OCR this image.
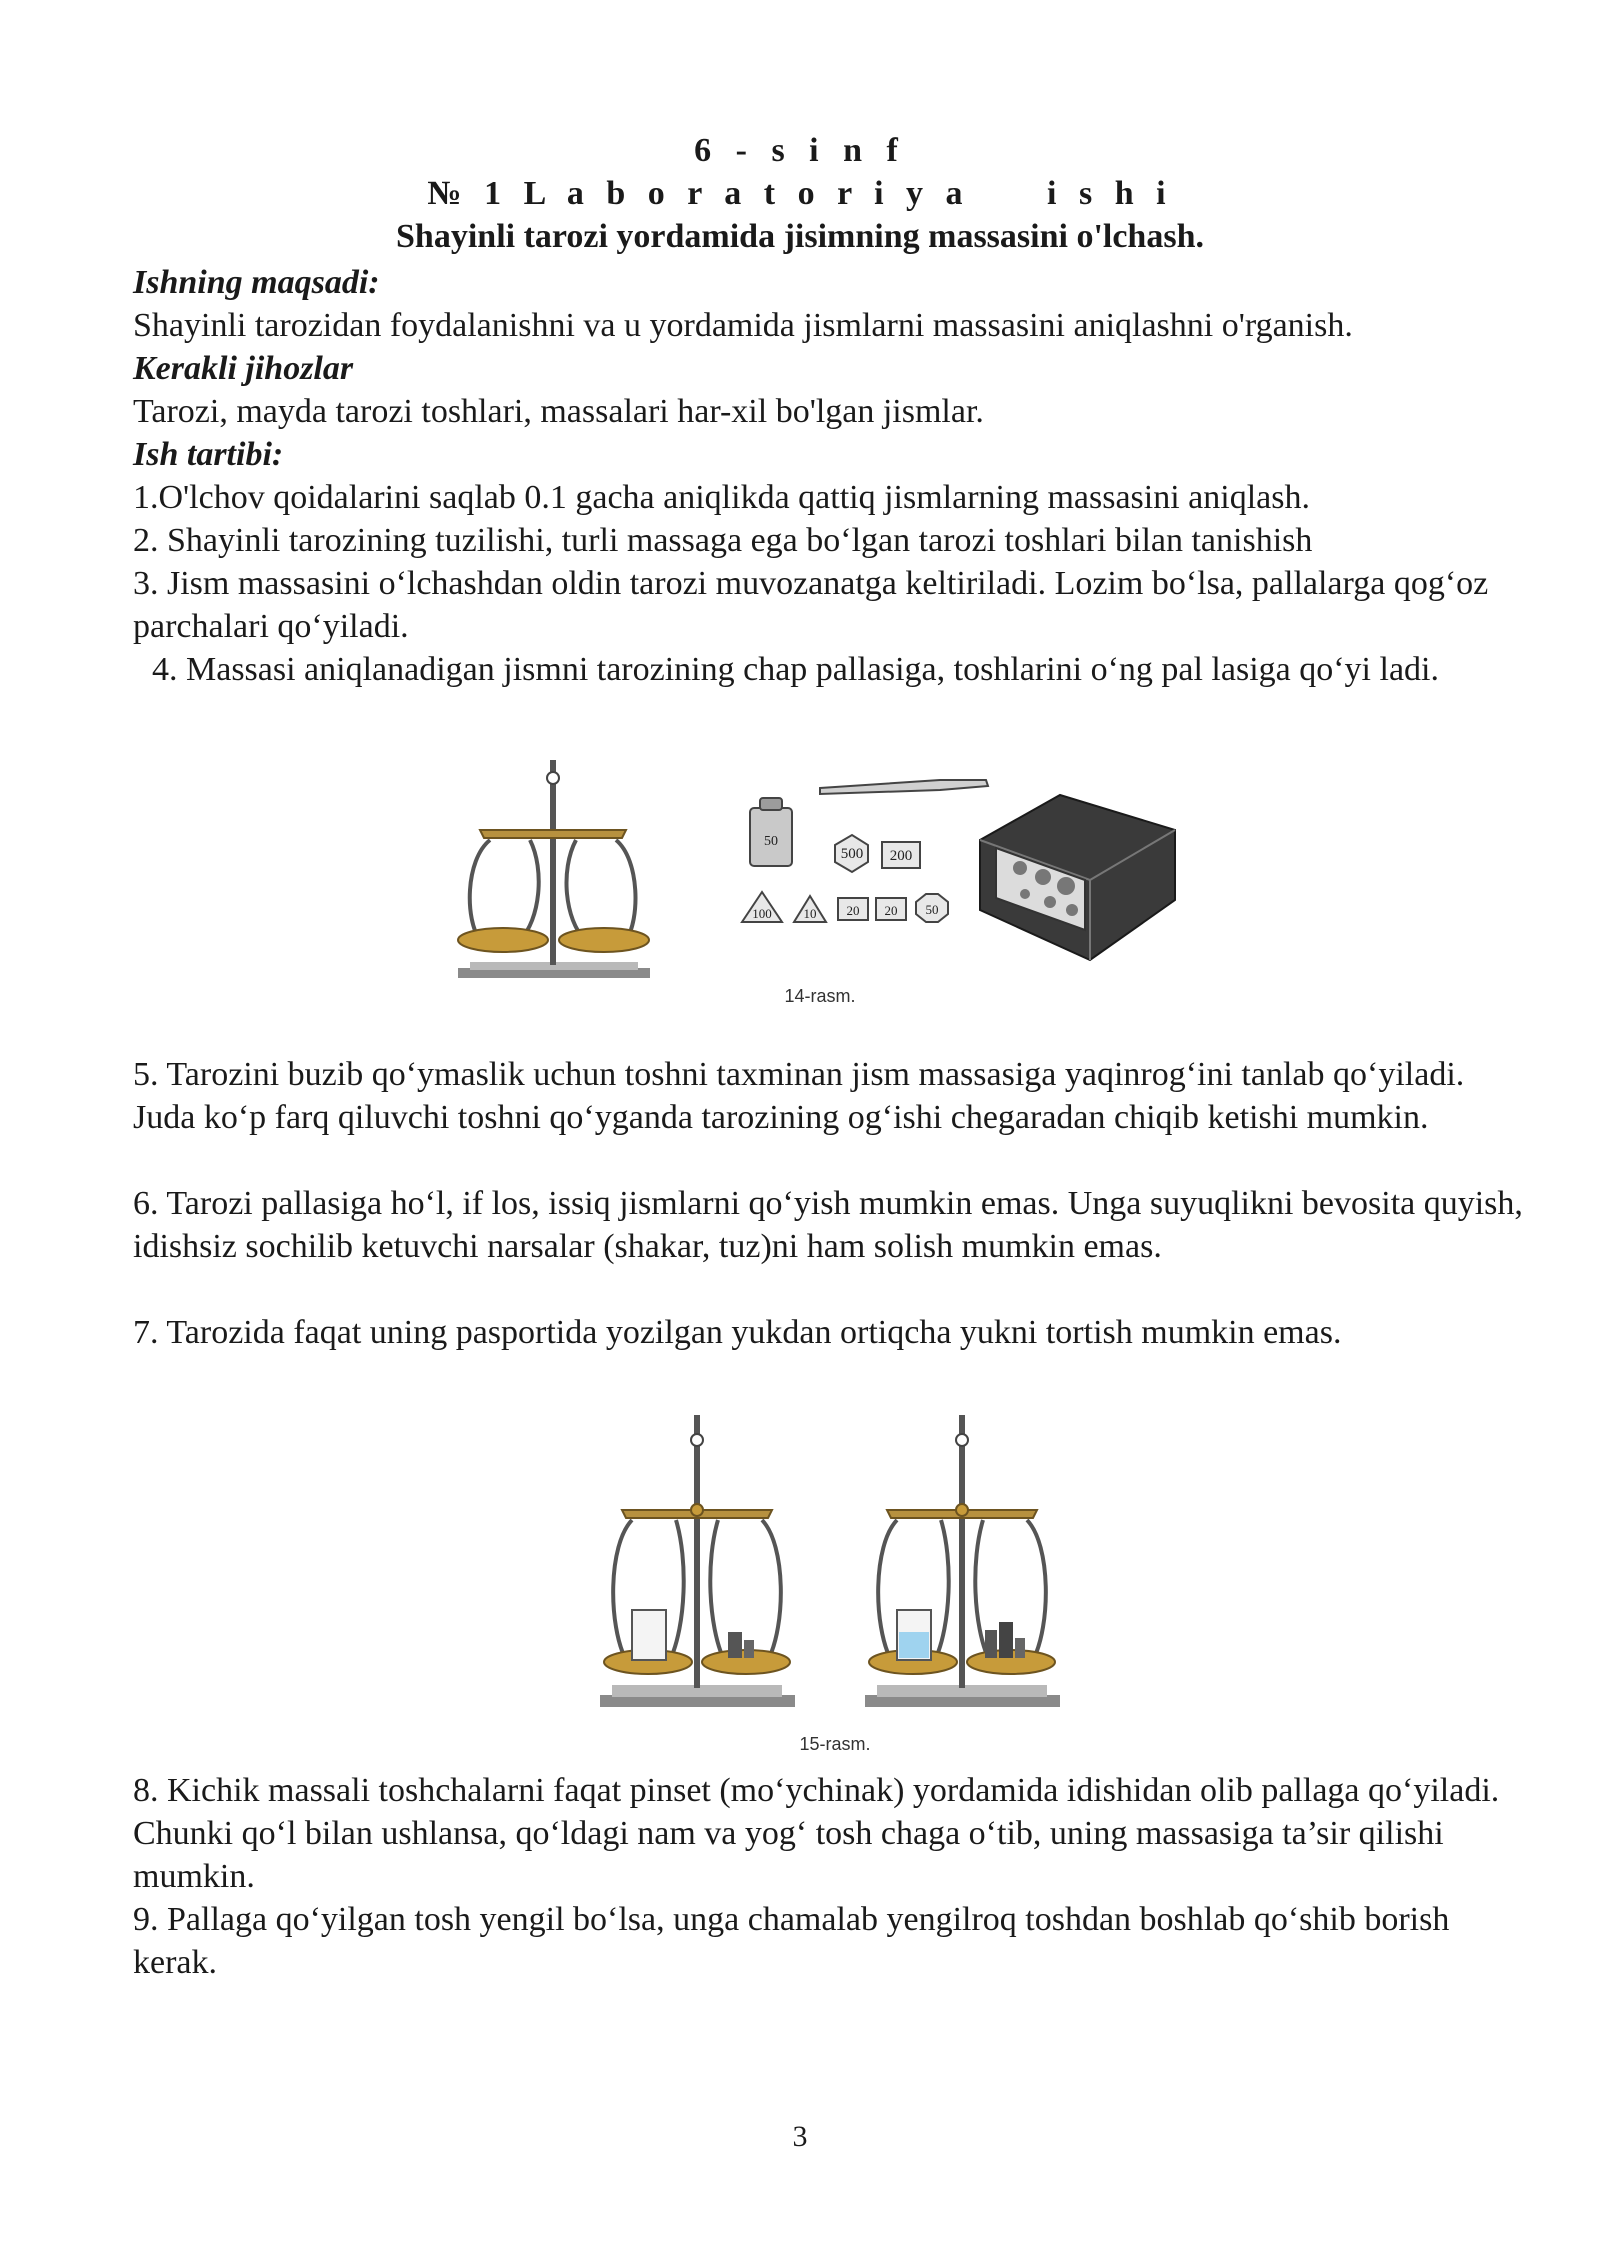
6 - s i n f
№ 1 L a b o r a t o r i y a     i s h i
Shayinli tarozi yordamida jisimning massasini o'lchash.
Ishning maqsadi:
Shayinli tarozidan foydalanishni va u yordamida jismlarni massasini aniqlashni o'rganish.
Kerakli jihozlar
Tarozi, mayda tarozi toshlari, massalari har-xil bo'lgan jismlar.
Ish tartibi:
1.O'lchov qoidalarini saqlab 0.1 gacha aniqlikda qattiq jismlarning massasini aniqlash.
2. Shayinli tarozining tuzilishi, turli massaga ega bo‘lgan tarozi toshlari bilan tanishish
3. Jism massasini o‘lchashdan oldin tarozi muvozanatga keltiriladi. Lozim bo‘lsa, pallalarga qog‘oz parchalari qo‘yiladi.
4. Massasi aniqlanadigan jismni tarozining chap pallasiga, toshlarini o‘ng pal lasiga qo‘yi ladi.
50
500 200
100 10 20 20 50
14-rasm.
5. Tarozini buzib qo‘ymaslik uchun toshni taxminan jism massasiga yaqinrog‘ini tanlab qo‘yiladi. Juda ko‘p farq qiluvchi toshni qo‘yganda tarozining og‘ishi chegaradan chiqib ketishi mumkin.
6. Tarozi pallasiga ho‘l, if los, issiq jismlarni qo‘yish mumkin emas. Unga suyuqlikni bevosita quyish, idishsiz sochilib ketuvchi narsalar (shakar, tuz)ni ham solish mumkin emas.
7. Tarozida faqat uning pasportida yozilgan yukdan ortiqcha yukni tortish mumkin emas.
15-rasm.
8. Kichik massali toshchalarni faqat pinset (mo‘ychinak) yordamida idishidan olib pallaga qo‘yiladi. Chunki qo‘l bilan ushlansa, qo‘ldagi nam va yog‘ tosh chaga o‘tib, uning massasiga ta’sir qilishi mumkin.
9. Pallaga qo‘yilgan tosh yengil bo‘lsa, unga chamalab yengilroq toshdan boshlab qo‘shib borish kerak.
3
